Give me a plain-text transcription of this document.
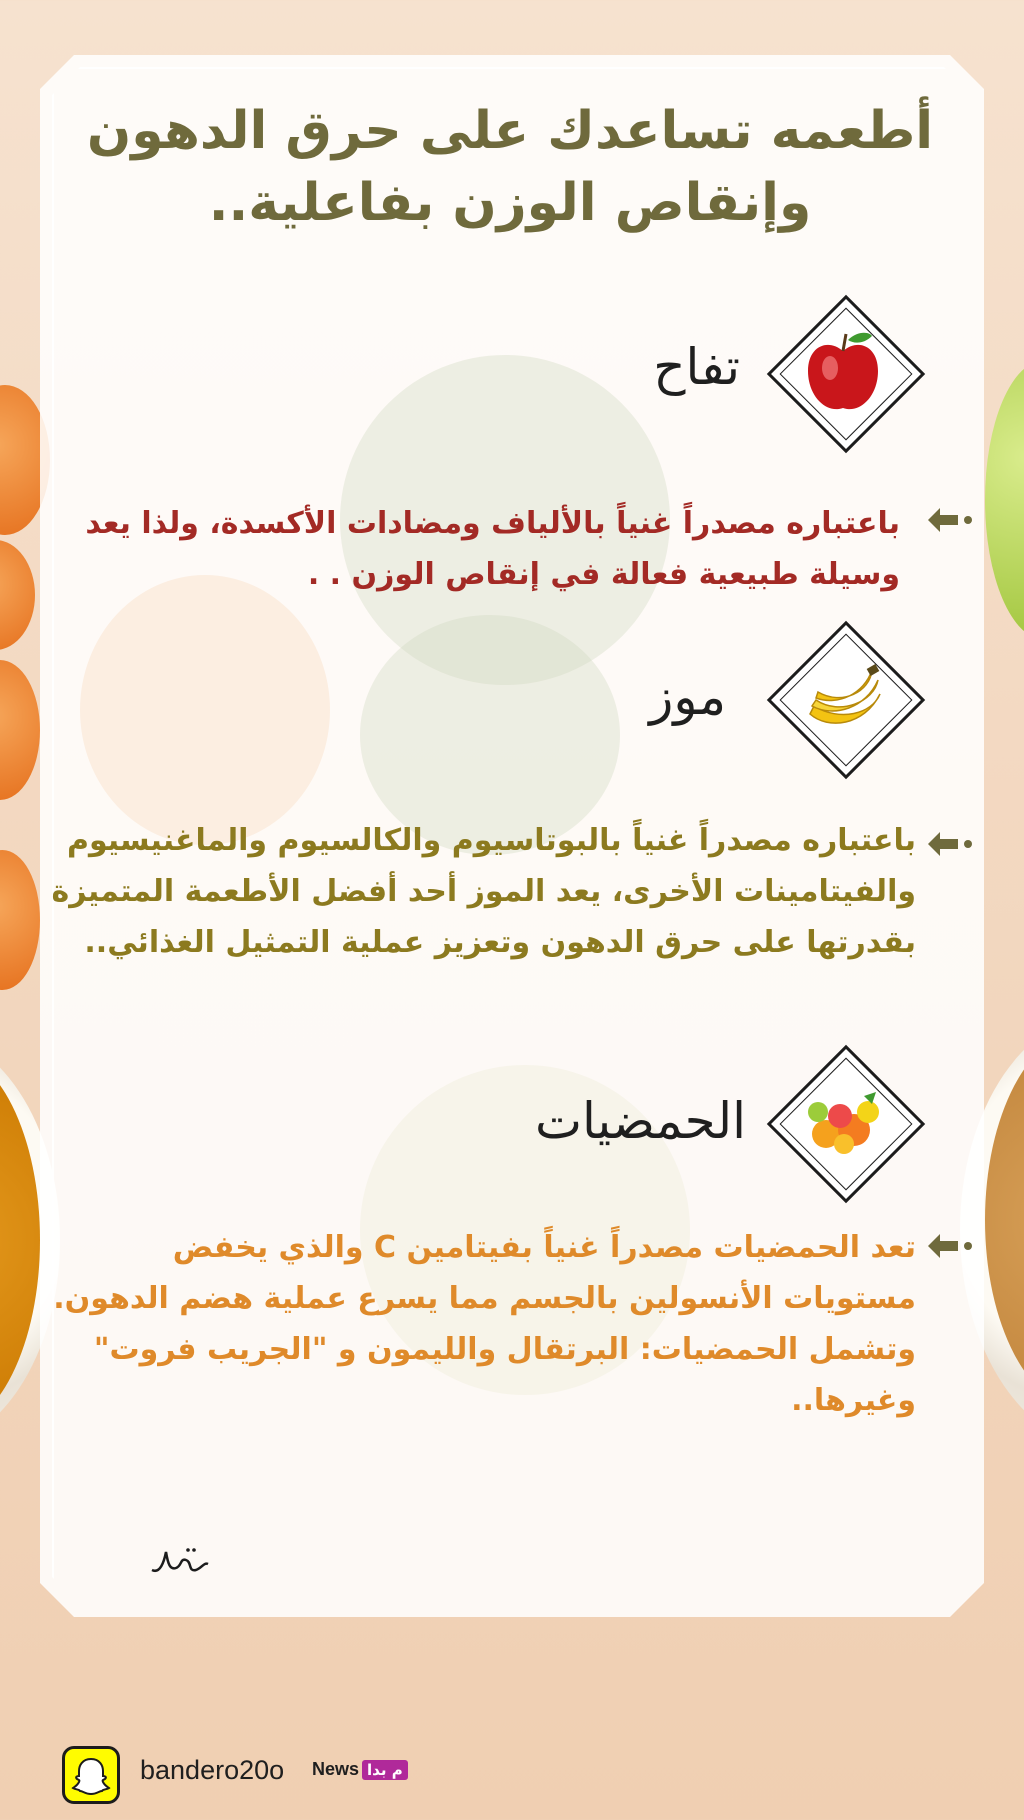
أطعمه تساعدك على حرق الدهون وإنقاص الوزن بفاعلية..
تفاح
باعتباره مصدراً غنياً بالألياف ومضادات الأكسدة، ولذا يعد وسيلة طبيعية فعالة في إنقاص الوزن . .
موز
باعتباره مصدراً غنياً بالبوتاسيوم والكالسيوم والماغنيسيوم والفيتامينات الأخرى، يعد الموز أحد أفضل الأطعمة المتميزة بقدرتها على حرق الدهون وتعزيز عملية التمثيل الغذائي..
الحمضيات
تعد الحمضيات مصدراً غنياً بفيتامين C والذي يخفض مستويات الأنسولين بالجسم مما يسرع عملية هضم الدهون. وتشمل الحمضيات: البرتقال والليمون و "الجريب فروت" وغيرها..
bandero20o News م بدا
